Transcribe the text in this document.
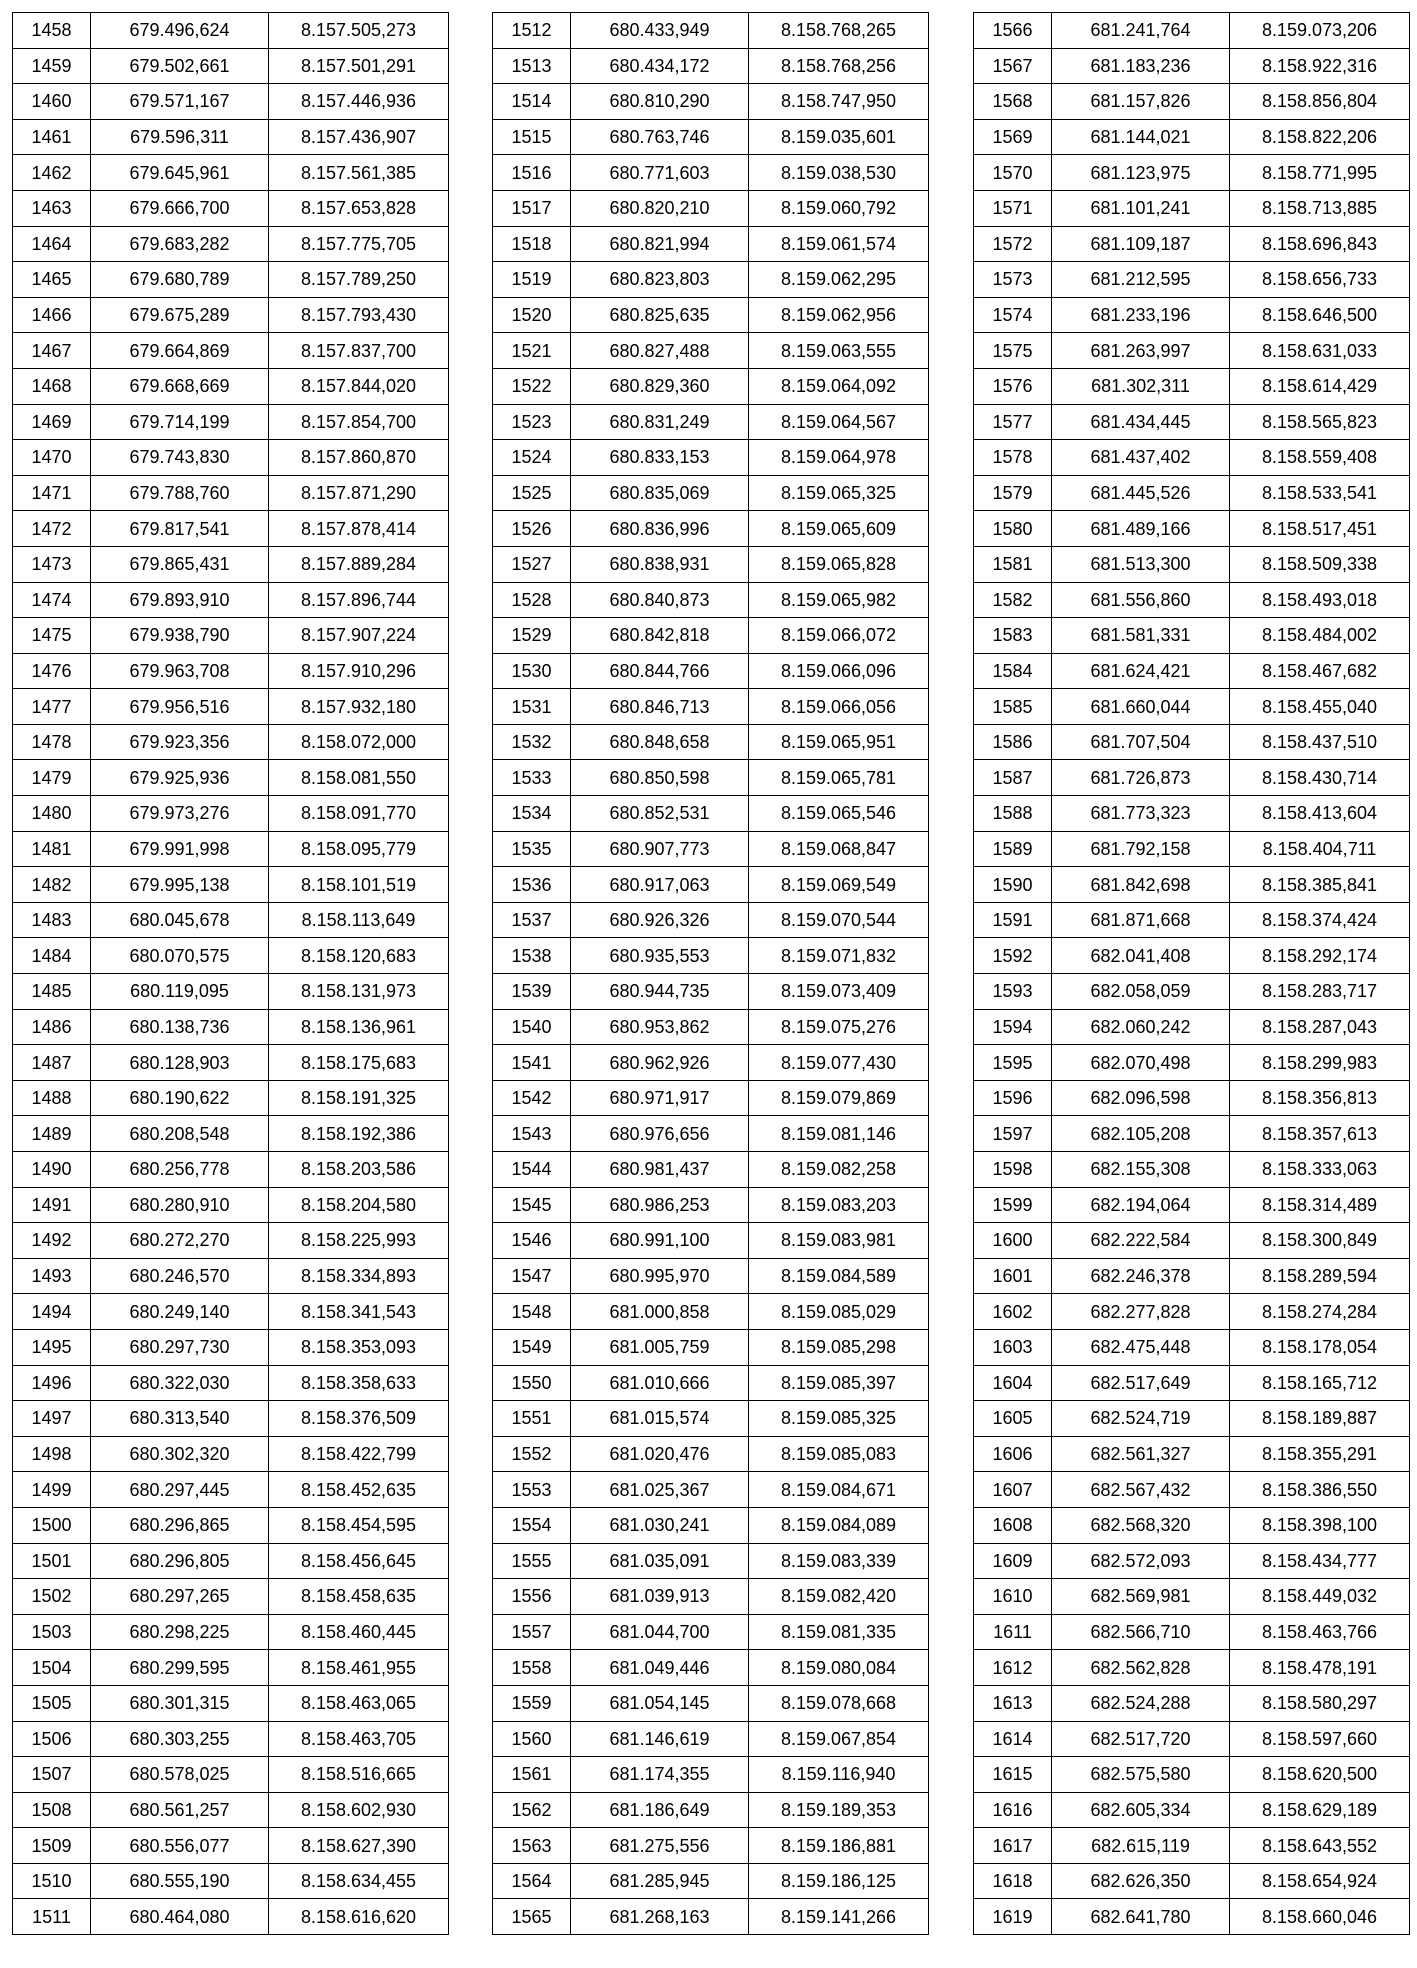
1458	679.496,624	8.157.505,273
1459	679.502,661	8.157.501,291
1460	679.571,167	8.157.446,936
1461	679.596,311	8.157.436,907
1462	679.645,961	8.157.561,385
1463	679.666,700	8.157.653,828
1464	679.683,282	8.157.775,705
1465	679.680,789	8.157.789,250
1466	679.675,289	8.157.793,430
1467	679.664,869	8.157.837,700
1468	679.668,669	8.157.844,020
1469	679.714,199	8.157.854,700
1470	679.743,830	8.157.860,870
1471	679.788,760	8.157.871,290
1472	679.817,541	8.157.878,414
1473	679.865,431	8.157.889,284
1474	679.893,910	8.157.896,744
1475	679.938,790	8.157.907,224
1476	679.963,708	8.157.910,296
1477	679.956,516	8.157.932,180
1478	679.923,356	8.158.072,000
1479	679.925,936	8.158.081,550
1480	679.973,276	8.158.091,770
1481	679.991,998	8.158.095,779
1482	679.995,138	8.158.101,519
1483	680.045,678	8.158.113,649
1484	680.070,575	8.158.120,683
1485	680.119,095	8.158.131,973
1486	680.138,736	8.158.136,961
1487	680.128,903	8.158.175,683
1488	680.190,622	8.158.191,325
1489	680.208,548	8.158.192,386
1490	680.256,778	8.158.203,586
1491	680.280,910	8.158.204,580
1492	680.272,270	8.158.225,993
1493	680.246,570	8.158.334,893
1494	680.249,140	8.158.341,543
1495	680.297,730	8.158.353,093
1496	680.322,030	8.158.358,633
1497	680.313,540	8.158.376,509
1498	680.302,320	8.158.422,799
1499	680.297,445	8.158.452,635
1500	680.296,865	8.158.454,595
1501	680.296,805	8.158.456,645
1502	680.297,265	8.158.458,635
1503	680.298,225	8.158.460,445
1504	680.299,595	8.158.461,955
1505	680.301,315	8.158.463,065
1506	680.303,255	8.158.463,705
1507	680.578,025	8.158.516,665
1508	680.561,257	8.158.602,930
1509	680.556,077	8.158.627,390
1510	680.555,190	8.158.634,455
1511	680.464,080	8.158.616,620
1512	680.433,949	8.158.768,265
1513	680.434,172	8.158.768,256
1514	680.810,290	8.158.747,950
1515	680.763,746	8.159.035,601
1516	680.771,603	8.159.038,530
1517	680.820,210	8.159.060,792
1518	680.821,994	8.159.061,574
1519	680.823,803	8.159.062,295
1520	680.825,635	8.159.062,956
1521	680.827,488	8.159.063,555
1522	680.829,360	8.159.064,092
1523	680.831,249	8.159.064,567
1524	680.833,153	8.159.064,978
1525	680.835,069	8.159.065,325
1526	680.836,996	8.159.065,609
1527	680.838,931	8.159.065,828
1528	680.840,873	8.159.065,982
1529	680.842,818	8.159.066,072
1530	680.844,766	8.159.066,096
1531	680.846,713	8.159.066,056
1532	680.848,658	8.159.065,951
1533	680.850,598	8.159.065,781
1534	680.852,531	8.159.065,546
1535	680.907,773	8.159.068,847
1536	680.917,063	8.159.069,549
1537	680.926,326	8.159.070,544
1538	680.935,553	8.159.071,832
1539	680.944,735	8.159.073,409
1540	680.953,862	8.159.075,276
1541	680.962,926	8.159.077,430
1542	680.971,917	8.159.079,869
1543	680.976,656	8.159.081,146
1544	680.981,437	8.159.082,258
1545	680.986,253	8.159.083,203
1546	680.991,100	8.159.083,981
1547	680.995,970	8.159.084,589
1548	681.000,858	8.159.085,029
1549	681.005,759	8.159.085,298
1550	681.010,666	8.159.085,397
1551	681.015,574	8.159.085,325
1552	681.020,476	8.159.085,083
1553	681.025,367	8.159.084,671
1554	681.030,241	8.159.084,089
1555	681.035,091	8.159.083,339
1556	681.039,913	8.159.082,420
1557	681.044,700	8.159.081,335
1558	681.049,446	8.159.080,084
1559	681.054,145	8.159.078,668
1560	681.146,619	8.159.067,854
1561	681.174,355	8.159.116,940
1562	681.186,649	8.159.189,353
1563	681.275,556	8.159.186,881
1564	681.285,945	8.159.186,125
1565	681.268,163	8.159.141,266
1566	681.241,764	8.159.073,206
1567	681.183,236	8.158.922,316
1568	681.157,826	8.158.856,804
1569	681.144,021	8.158.822,206
1570	681.123,975	8.158.771,995
1571	681.101,241	8.158.713,885
1572	681.109,187	8.158.696,843
1573	681.212,595	8.158.656,733
1574	681.233,196	8.158.646,500
1575	681.263,997	8.158.631,033
1576	681.302,311	8.158.614,429
1577	681.434,445	8.158.565,823
1578	681.437,402	8.158.559,408
1579	681.445,526	8.158.533,541
1580	681.489,166	8.158.517,451
1581	681.513,300	8.158.509,338
1582	681.556,860	8.158.493,018
1583	681.581,331	8.158.484,002
1584	681.624,421	8.158.467,682
1585	681.660,044	8.158.455,040
1586	681.707,504	8.158.437,510
1587	681.726,873	8.158.430,714
1588	681.773,323	8.158.413,604
1589	681.792,158	8.158.404,711
1590	681.842,698	8.158.385,841
1591	681.871,668	8.158.374,424
1592	682.041,408	8.158.292,174
1593	682.058,059	8.158.283,717
1594	682.060,242	8.158.287,043
1595	682.070,498	8.158.299,983
1596	682.096,598	8.158.356,813
1597	682.105,208	8.158.357,613
1598	682.155,308	8.158.333,063
1599	682.194,064	8.158.314,489
1600	682.222,584	8.158.300,849
1601	682.246,378	8.158.289,594
1602	682.277,828	8.158.274,284
1603	682.475,448	8.158.178,054
1604	682.517,649	8.158.165,712
1605	682.524,719	8.158.189,887
1606	682.561,327	8.158.355,291
1607	682.567,432	8.158.386,550
1608	682.568,320	8.158.398,100
1609	682.572,093	8.158.434,777
1610	682.569,981	8.158.449,032
1611	682.566,710	8.158.463,766
1612	682.562,828	8.158.478,191
1613	682.524,288	8.158.580,297
1614	682.517,720	8.158.597,660
1615	682.575,580	8.158.620,500
1616	682.605,334	8.158.629,189
1617	682.615,119	8.158.643,552
1618	682.626,350	8.158.654,924
1619	682.641,780	8.158.660,046
